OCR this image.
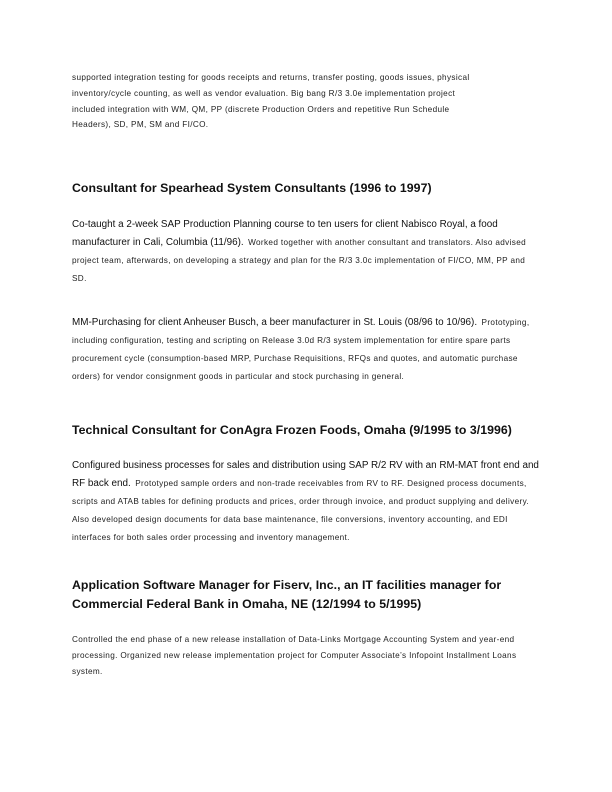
supported integration testing for goods receipts and returns, transfer posting, goods issues, physical
inventory/cycle counting, as well as vendor evaluation. Big bang R/3 3.0e implementation project
included integration with WM, QM, PP (discrete Production Orders and repetitive Run Schedule
Headers), SD, PM, SM and FI/CO.

Consultant for Spearhead System Consultants (1996 to 1997)

Co-taught a 2-week SAP Production Planning course to ten users for client Nabisco Royal, a food manufacturer in Cali, Columbia (11/96). Worked together with another consultant and translators. Also advised project team, afterwards, on developing a strategy and plan for the R/3 3.0c implementation of FI/CO, MM, PP and SD.

MM-Purchasing for client Anheuser Busch, a beer manufacturer in St. Louis (08/96 to 10/96). Prototyping, including configuration, testing and scripting on Release 3.0d R/3 system implementation for entire spare parts procurement cycle (consumption-based MRP, Purchase Requisitions, RFQs and quotes, and automatic purchase orders) for vendor consignment goods in particular and stock purchasing in general.

Technical Consultant for ConAgra Frozen Foods, Omaha (9/1995 to 3/1996)

Configured business processes for sales and distribution using SAP R/2 RV with an RM-MAT front end and RF back end. Prototyped sample orders and non-trade receivables from RV to RF. Designed process documents, scripts and ATAB tables for defining products and prices, order through invoice, and product supplying and delivery. Also developed design documents for data base maintenance, file conversions, inventory accounting, and EDI interfaces for both sales order processing and inventory management.

Application Software Manager for Fiserv, Inc., an IT facilities manager for Commercial Federal Bank in Omaha, NE (12/1994 to 5/1995)

Controlled the end phase of a new release installation of Data-Links Mortgage Accounting System and year-end processing. Organized new release implementation project for Computer Associate’s Infopoint Installment Loans system.
